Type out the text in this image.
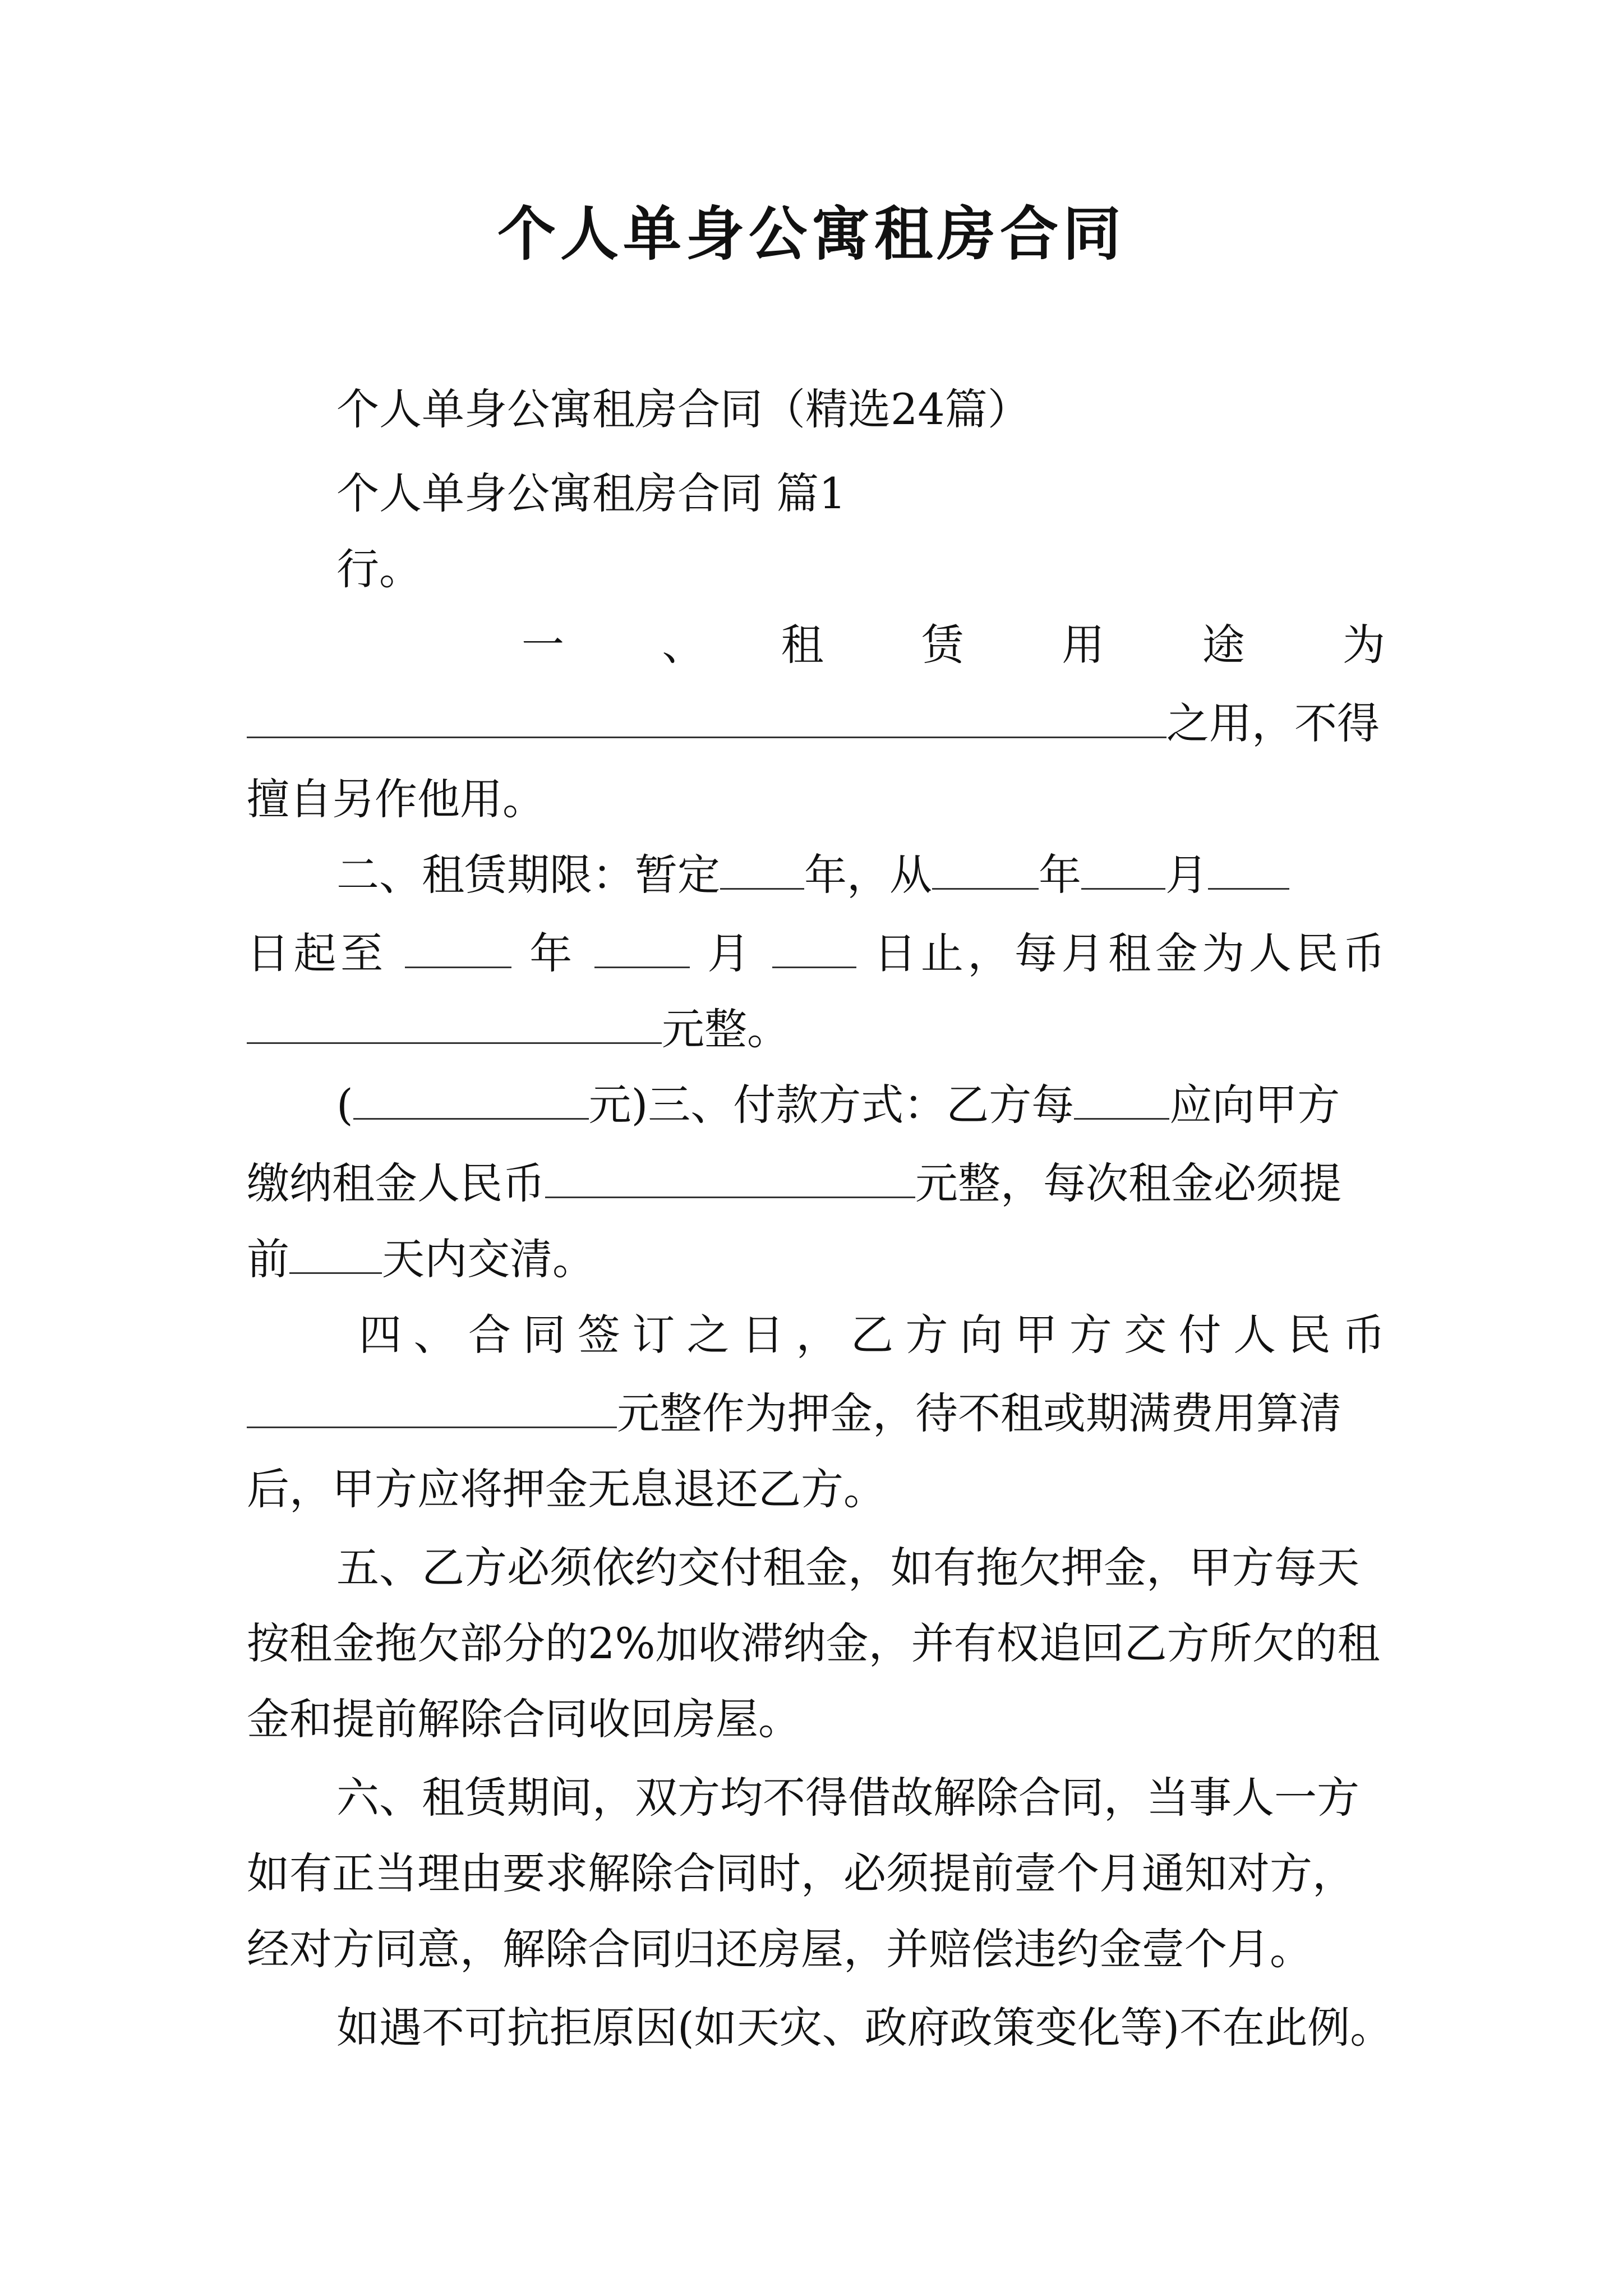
个人单身公寓租房合同

个人单身公寓租房合同（精选24篇）

个人单身公寓租房合同 篇1

行。

一　、　租　赁　用　途　为

之用，不得

擅自另作他用。

二、租赁期限：暂定 年，从	年 月
日起至	年	月	日止，每月租金为人民币
元整。
(	元)三、付款方式：乙方每 应向甲方
缴纳租金人民币	元整，每次租金必须提
前 天内交清。

四、合同签订之日，乙方向甲方交付人民币

元整作为押金，待不租或期满费用算清

后，甲方应将押金无息退还乙方。

五、乙方必须依约交付租金，如有拖欠押金，甲方每天

按租金拖欠部分的2%加收滞纳金，并有权追回乙方所欠的租

金和提前解除合同收回房屋。

六、租赁期间，双方均不得借故解除合同，当事人一方

如有正当理由要求解除合同时，必须提前壹个月通知对方，

经对方同意，解除合同归还房屋，并赔偿违约金壹个月。

如遇不可抗拒原因(如天灾、政府政策变化等)不在此例。
